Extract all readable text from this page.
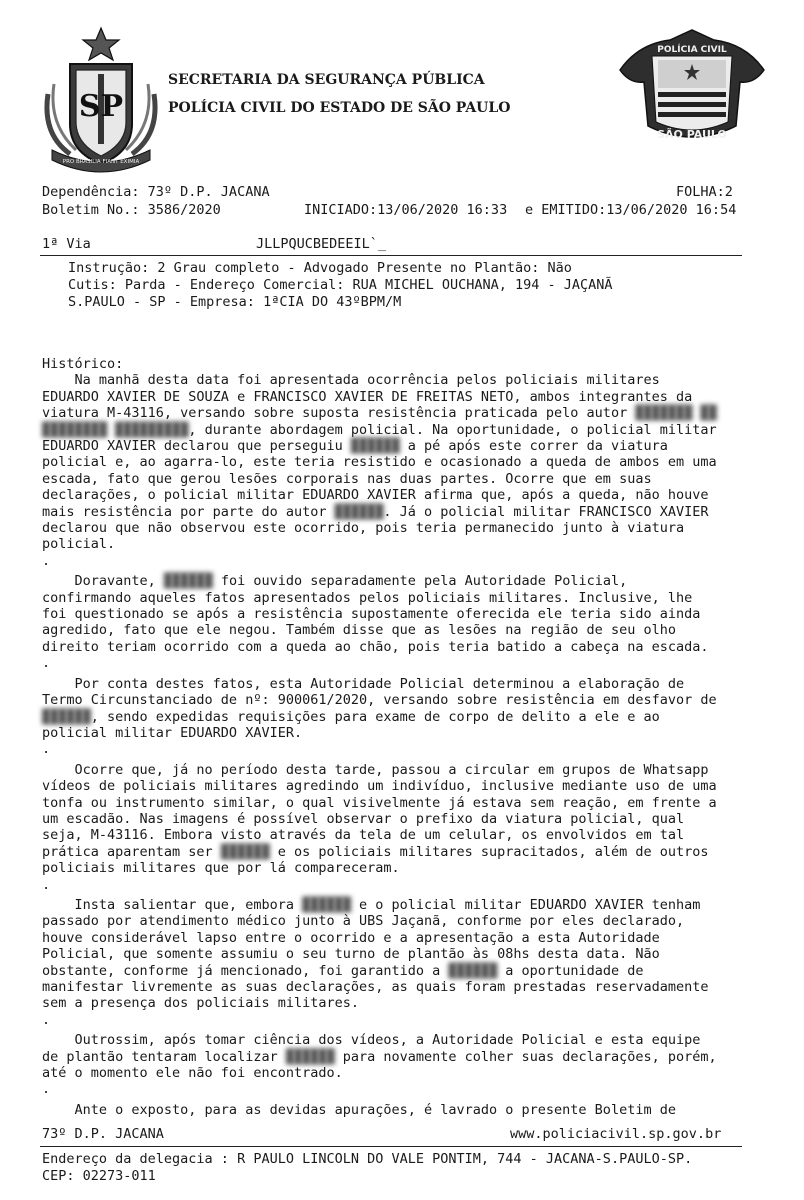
SP
PRO BRASILIA FIANT EXIMIA
SECRETARIA DA SEGURANÇA PÚBLICA
POLÍCIA CIVIL DO ESTADO DE SÃO PAULO
POLÍCIA CIVIL
SÃO PAULO
Dependência: 73º D.P. JACANA	FOLHA:2
Boletim No.: 3586/2020	INICIADO:13/06/2020 16:33 e EMITIDO:13/06/2020 16:54
1ª Via	JLLPQUCBEDEEIL`_
Instrução: 2 Grau completo - Advogado Presente no Plantão: Não
Cutis: Parda - Endereço Comercial: RUA MICHEL OUCHANA, 194 - JAÇANÃ
S.PAULO - SP - Empresa: 1ªCIA DO 43ºBPM/M
Histórico:
Na manhã desta data foi apresentada ocorrência pelos policiais militares
EDUARDO XAVIER DE SOUZA e FRANCISCO XAVIER DE FREITAS NETO, ambos integrantes da
viatura M-43116, versando sobre suposta resistência praticada pelo autor ███████ ██
████████ █████████, durante abordagem policial. Na oportunidade, o policial militar
EDUARDO XAVIER declarou que perseguiu ██████ a pé após este correr da viatura
policial e, ao agarra-lo, este teria resistido e ocasionado a queda de ambos em uma
escada, fato que gerou lesões corporais nas duas partes. Ocorre que em suas
declarações, o policial militar EDUARDO XAVIER afirma que, após a queda, não houve
mais resistência por parte do autor ██████. Já o policial militar FRANCISCO XAVIER
declarou que não observou este ocorrido, pois teria permanecido junto à viatura
policial.
.
Doravante, ██████ foi ouvido separadamente pela Autoridade Policial,
confirmando aqueles fatos apresentados pelos policiais militares. Inclusive, lhe
foi questionado se após a resistência supostamente oferecida ele teria sido ainda
agredido, fato que ele negou. Também disse que as lesões na região de seu olho
direito teriam ocorrido com a queda ao chão, pois teria batido a cabeça na escada.
.
Por conta destes fatos, esta Autoridade Policial determinou a elaboração de
Termo Circunstanciado de nº: 900061/2020, versando sobre resistência em desfavor de
██████, sendo expedidas requisições para exame de corpo de delito a ele e ao
policial militar EDUARDO XAVIER.
.
Ocorre que, já no período desta tarde, passou a circular em grupos de Whatsapp
vídeos de policiais militares agredindo um indivíduo, inclusive mediante uso de uma
tonfa ou instrumento similar, o qual visivelmente já estava sem reação, em frente a
um escadão. Nas imagens é possível observar o prefixo da viatura policial, qual
seja, M-43116. Embora visto através da tela de um celular, os envolvidos em tal
prática aparentam ser ██████ e os policiais militares supracitados, além de outros
policiais militares que por lá compareceram.
.
Insta salientar que, embora ██████ e o policial militar EDUARDO XAVIER tenham
passado por atendimento médico junto à UBS Jaçanã, conforme por eles declarado,
houve considerável lapso entre o ocorrido e a apresentação a esta Autoridade
Policial, que somente assumiu o seu turno de plantão às 08hs desta data. Não
obstante, conforme já mencionado, foi garantido a ██████ a oportunidade de
manifestar livremente as suas declarações, as quais foram prestadas reservadamente
sem a presença dos policiais militares.
.
Outrossim, após tomar ciência dos vídeos, a Autoridade Policial e esta equipe
de plantão tentaram localizar ██████ para novamente colher suas declarações, porém,
até o momento ele não foi encontrado.
.
Ante o exposto, para as devidas apurações, é lavrado o presente Boletim de
73º D.P. JACANA	www.policiacivil.sp.gov.br
Endereço da delegacia : R PAULO LINCOLN DO VALE PONTIM, 744 - JACANA-S.PAULO-SP.
CEP: 02273-011
